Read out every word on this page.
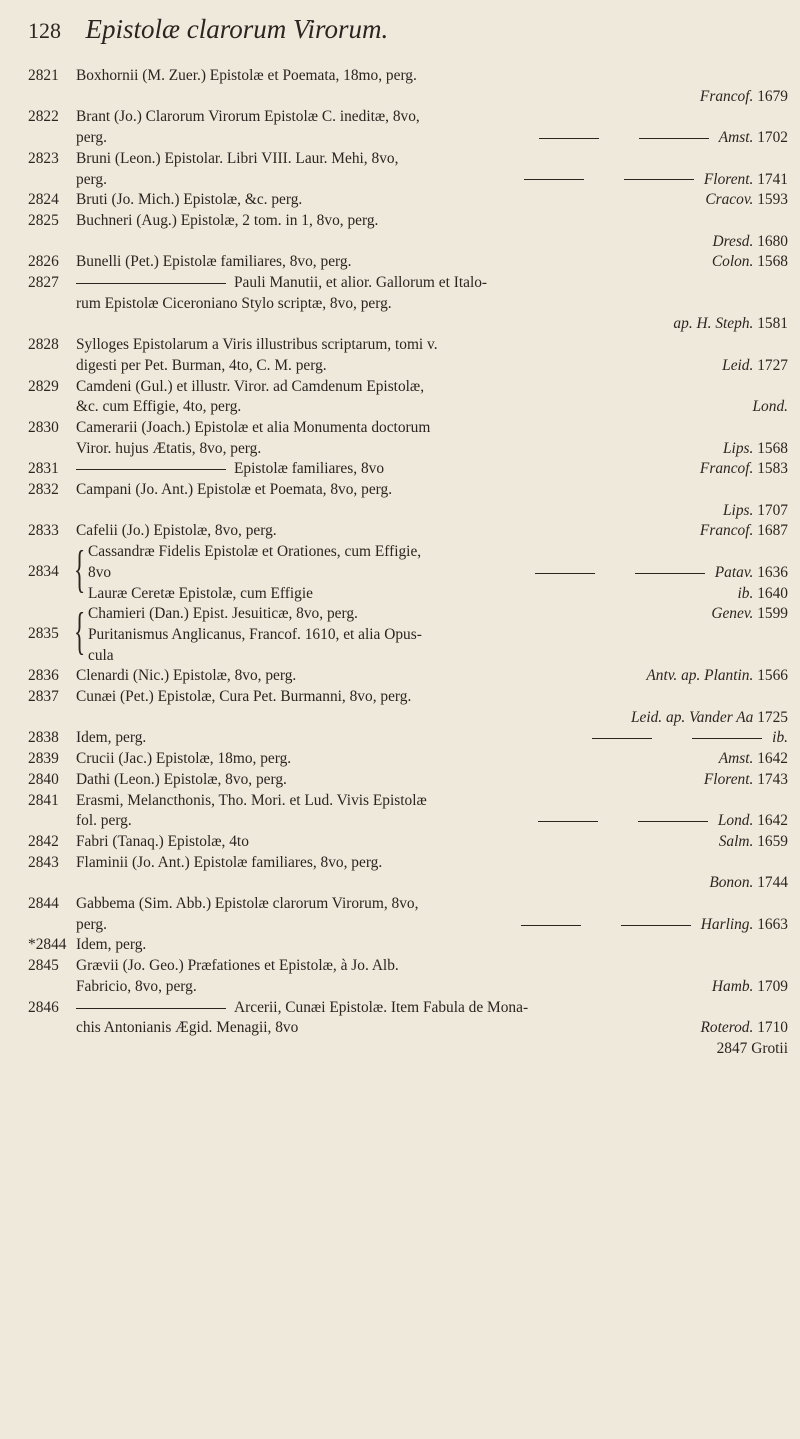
128 Epistolæ clarorum Virorum.
2821	Boxhornii (M. Zuer.) Epistolæ et Poemata, 18mo, perg.
Francof. 1679
2822	Brant (Jo.) Clarorum Virorum Epistolæ C. ineditæ, 8vo,
perg.	Amst. 1702
2823	Bruni (Leon.) Epistolar. Libri VIII. Laur. Mehi, 8vo,
perg.	Florent. 1741
2824	Bruti (Jo. Mich.) Epistolæ, &c. perg.	Cracov. 1593
2825	Buchneri (Aug.) Epistolæ, 2 tom. in 1, 8vo, perg.
Dresd. 1680
2826	Bunelli (Pet.) Epistolæ familiares, 8vo, perg.	Colon. 1568
2827	Pauli Manutii, et alior. Gallorum et Italo-
rum Epistolæ Ciceroniano Stylo scriptæ, 8vo, perg.
ap. H. Steph. 1581
2828	Sylloges Epistolarum a Viris illustribus scriptarum, tomi v.
digesti per Pet. Burman, 4to, C. M. perg.	Leid. 1727
2829	Camdeni (Gul.) et illustr. Viror. ad Camdenum Epistolæ,
&c. cum Effigie, 4to, perg.	Lond.
2830	Camerarii (Joach.) Epistolæ et alia Monumenta doctorum
Viror. hujus Ætatis, 8vo, perg.	Lips. 1568
2831	Epistolæ familiares, 8vo	Francof. 1583
2832	Campani (Jo. Ant.) Epistolæ et Poemata, 8vo, perg.
Lips. 1707
2833	Cafelii (Jo.) Epistolæ, 8vo, perg.	Francof. 1687
2834 { Cassandræ Fidelis Epistolæ et Orationes, cum Effigie,
8vo	Patav. 1636
Lauræ Ceretæ Epistolæ, cum Effigie	ib. 1640
2835 { Chamieri (Dan.) Epist. Jesuiticæ, 8vo, perg.	Genev. 1599
Puritanismus Anglicanus, Francof. 1610, et alia Opus-
cula
2836	Clenardi (Nic.) Epistolæ, 8vo, perg.	Antv. ap. Plantin. 1566
2837	Cunæi (Pet.) Epistolæ, Cura Pet. Burmanni, 8vo, perg.
Leid. ap. Vander Aa 1725
2838	Idem, perg.	ib.
2839	Crucii (Jac.) Epistolæ, 18mo, perg.	Amst. 1642
2840	Dathi (Leon.) Epistolæ, 8vo, perg.	Florent. 1743
2841	Erasmi, Melancthonis, Tho. Mori. et Lud. Vivis Epistolæ
fol. perg.	Lond. 1642
2842	Fabri (Tanaq.) Epistolæ, 4to	Salm. 1659
2843	Flaminii (Jo. Ant.) Epistolæ familiares, 8vo, perg.
Bonon. 1744
2844	Gabbema (Sim. Abb.) Epistolæ clarorum Virorum, 8vo,
perg.	Harling. 1663
*2844 Idem, perg.
2845	Grævii (Jo. Geo.) Præfationes et Epistolæ, à Jo. Alb.
Fabricio, 8vo, perg.	Hamb. 1709
2846	Arcerii, Cunæi Epistolæ. Item Fabula de Mona-
chis Antonianis Ægid. Menagii, 8vo	Roterod. 1710
2847 Grotii
